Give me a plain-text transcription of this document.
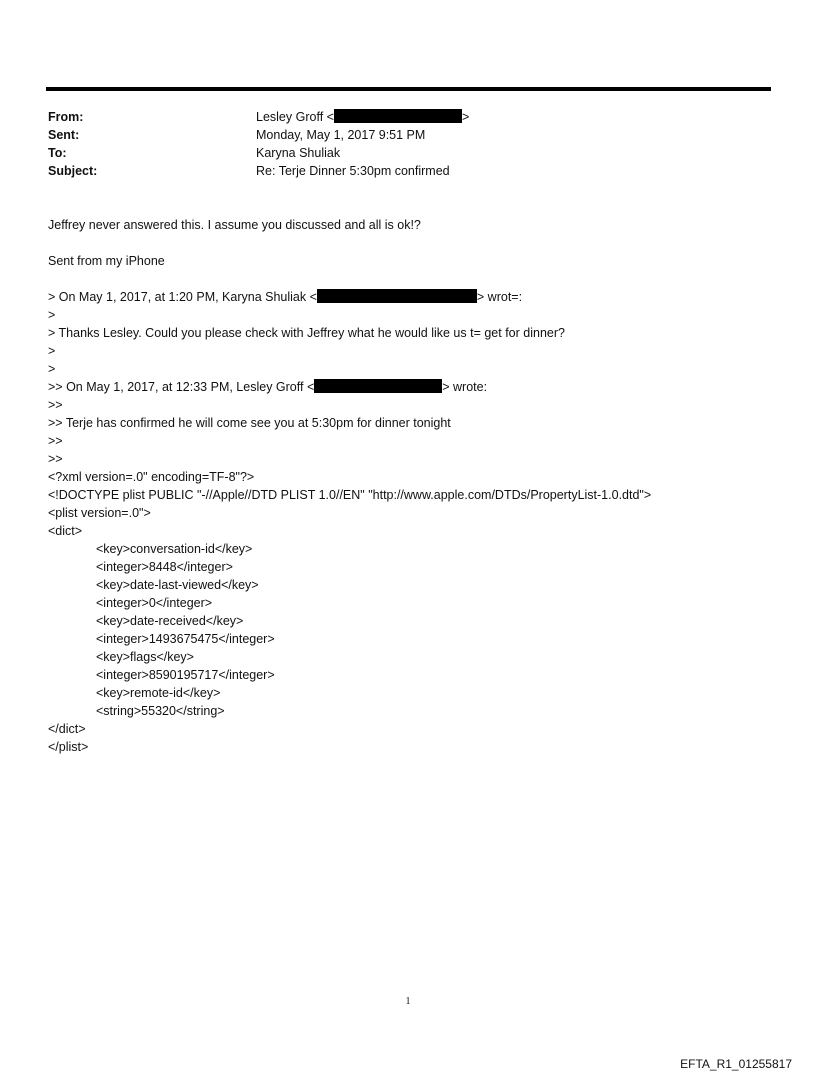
From:	Lesley Groff <	>
Sent:	Monday, May 1, 2017 9:51 PM
To:	Karyna Shuliak
Subject:	Re: Terje Dinner 5:30pm confirmed
Jeffrey never answered this. I assume you discussed and all is ok!?
Sent from my iPhone
> On May 1, 2017, at 1:20 PM, Karyna Shuliak <	> wrot=:
>
> Thanks Lesley. Could you please check with Jeffrey what he would like us t= get for dinner?
>
>
>> On May 1, 2017, at 12:33 PM, Lesley Groff <	> wrote:
>>
>> Terje has confirmed he will come see you at 5:30pm for dinner tonight
>>
>>
<?xml version=.0" encoding=TF-8"?>
<!DOCTYPE plist PUBLIC "-//Apple//DTD PLIST 1.0//EN" "http://www.apple.com/DTDs/PropertyList-1.0.dtd">
<plist version=.0">
<dict>
<key>conversation-id</key>
<integer>8448</integer>
<key>date-last-viewed</key>
<integer>0</integer>
<key>date-received</key>
<integer>1493675475</integer>
<key>flags</key>
<integer>8590195717</integer>
<key>remote-id</key>
<string>55320</string>
</dict>
</plist>
1
EFTA_R1_01255817
